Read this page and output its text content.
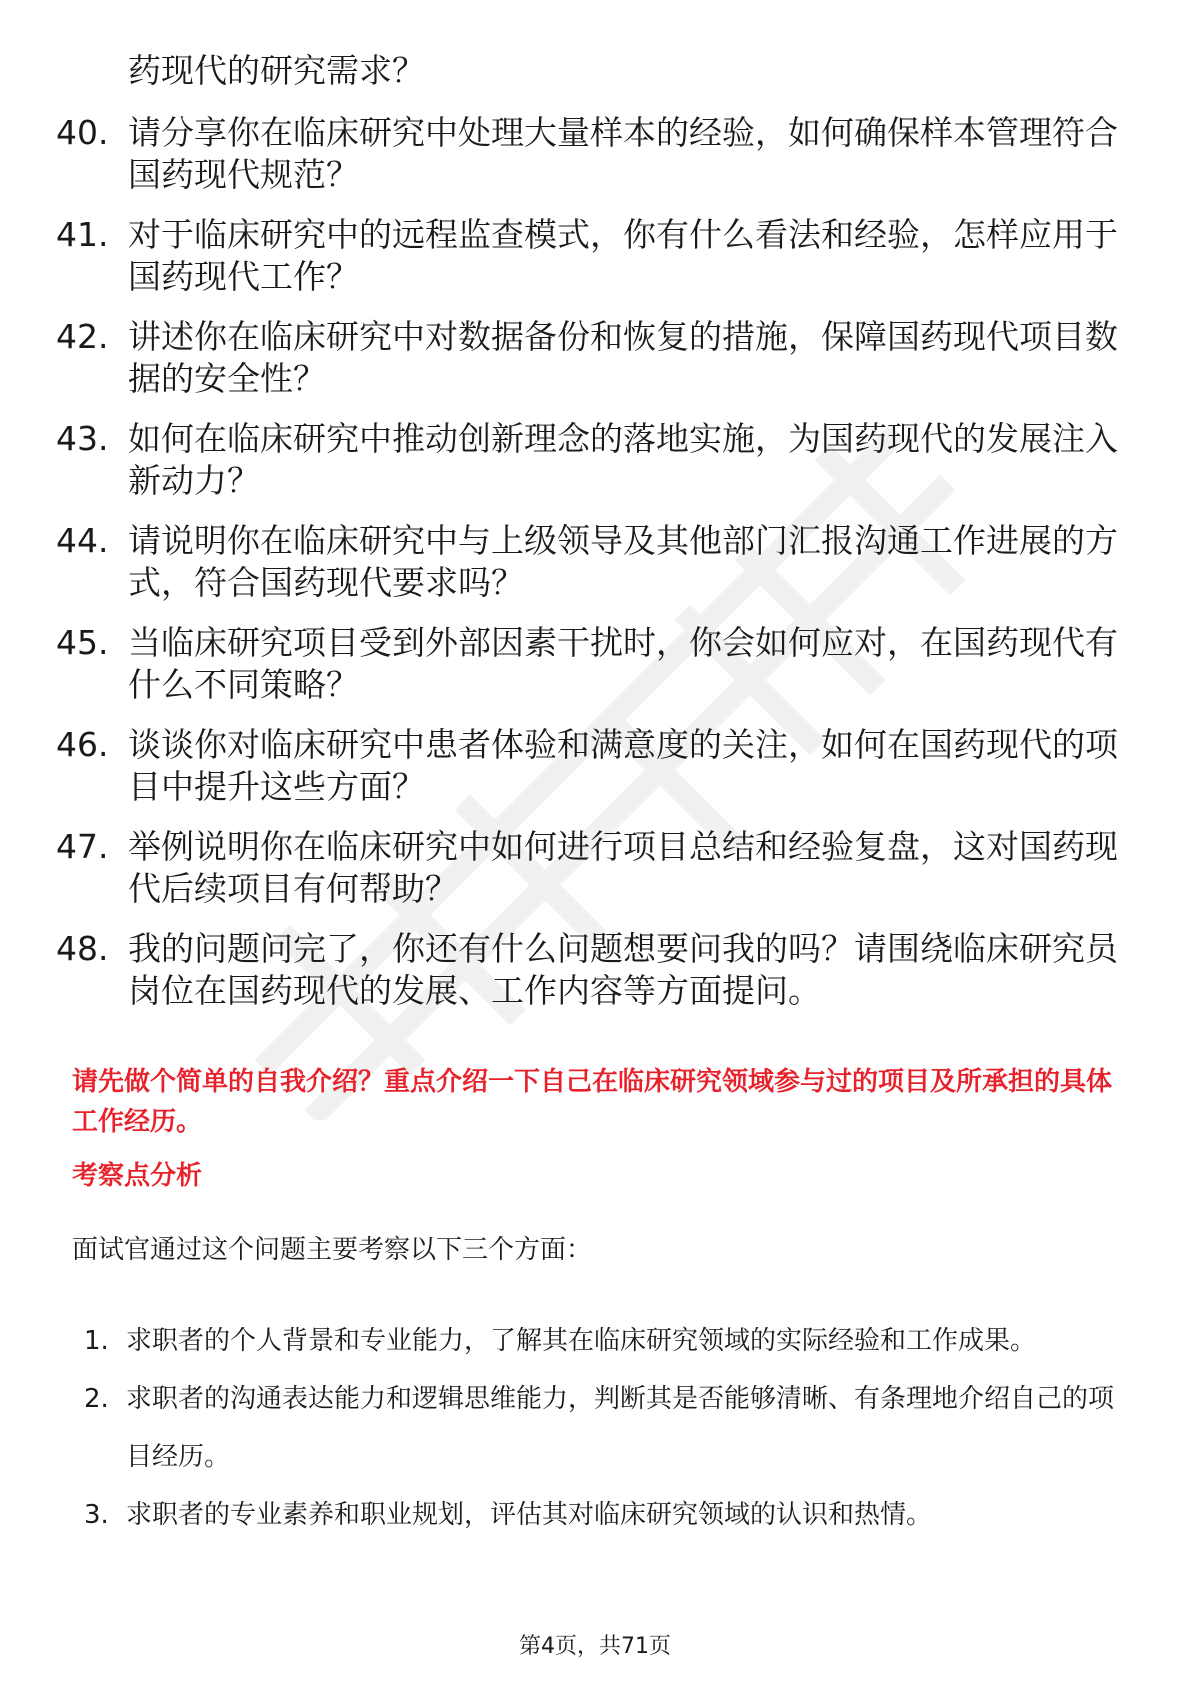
药现代的研究需求？
40. 请分享你在临床研究中处理大量样本的经验，如何确保样本管理符合国药现代规范？
41. 对于临床研究中的远程监查模式，你有什么看法和经验，怎样应用于国药现代工作？
42. 讲述你在临床研究中对数据备份和恢复的措施，保障国药现代项目数据的安全性？
43. 如何在临床研究中推动创新理念的落地实施，为国药现代的发展注入新动力？
44. 请说明你在临床研究中与上级领导及其他部门汇报沟通工作进展的方式，符合国药现代要求吗？
45. 当临床研究项目受到外部因素干扰时，你会如何应对，在国药现代有什么不同策略？
46. 谈谈你对临床研究中患者体验和满意度的关注，如何在国药现代的项目中提升这些方面？
47. 举例说明你在临床研究中如何进行项目总结和经验复盘，这对国药现代后续项目有何帮助？
48. 我的问题问完了，你还有什么问题想要问我的吗？请围绕临床研究员岗位在国药现代的发展、工作内容等方面提问。
请先做个简单的自我介绍？重点介绍一下自己在临床研究领域参与过的项目及所承担的具体工作经历。
考察点分析
面试官通过这个问题主要考察以下三个方面：
1. 求职者的个人背景和专业能力，了解其在临床研究领域的实际经验和工作成果。
2. 求职者的沟通表达能力和逻辑思维能力，判断其是否能够清晰、有条理地介绍自己的项目经历。
3. 求职者的专业素养和职业规划，评估其对临床研究领域的认识和热情。
第4页，共71页
